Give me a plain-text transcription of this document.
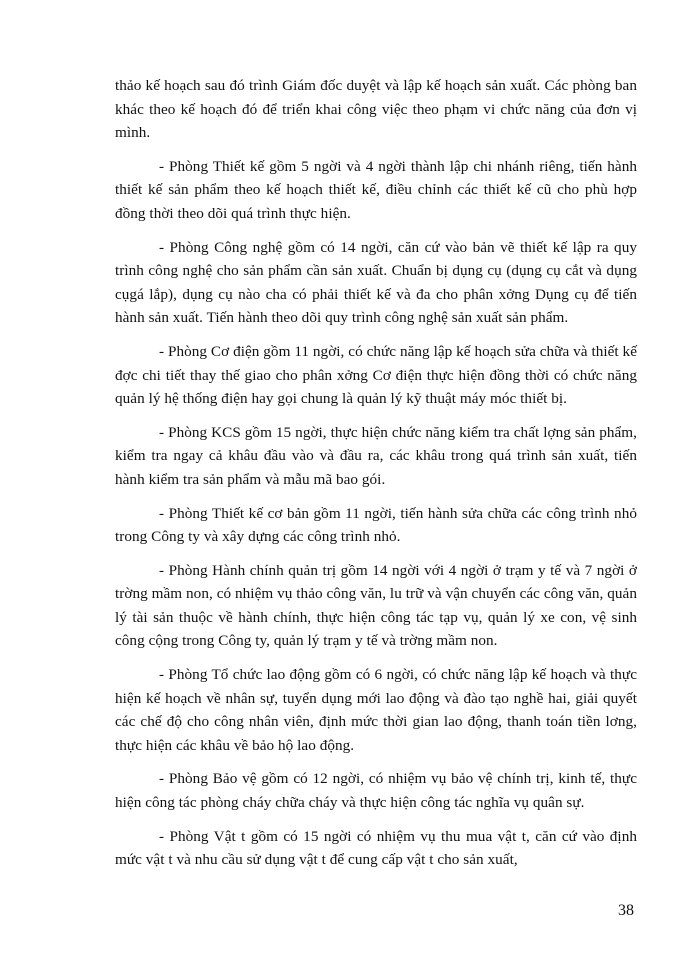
thảo kế hoạch sau đó trình Giám đốc duyệt và lập kế hoạch sản xuất. Các phòng ban khác theo kế hoạch đó để triển khai công việc theo phạm vi chức năng của đơn vị mình.

- Phòng Thiết kế gồm 5 ngời và 4 ngời thành lập chi nhánh riêng, tiến hành thiết kế sản phẩm theo kế hoạch thiết kế, điều chỉnh các thiết kế cũ cho phù hợp đồng thời theo dõi quá trình thực hiện.

- Phòng Công nghệ gồm có 14 ngời, căn cứ vào bản vẽ thiết kế lập ra quy trình công nghệ cho sản phẩm cần sản xuất. Chuẩn bị dụng cụ (dụng cụ cắt và dụng cụgá lắp), dụng cụ nào cha có phải thiết kế và đa cho phân xởng Dụng cụ để tiến hành sản xuất. Tiến hành theo dõi quy trình công nghệ sản xuất sản phẩm.

- Phòng Cơ điện gồm 11 ngời, có chức năng lập kế hoạch sửa chữa và thiết kế đợc chi tiết thay thế giao cho phân xởng Cơ điện thực hiện đồng thời có chức năng quản lý hệ thống điện hay gọi chung là quản lý kỹ thuật máy móc thiết bị.

- Phòng KCS gồm 15 ngời, thực hiện chức năng kiểm tra chất lợng sản phẩm, kiểm tra ngay cả khâu đầu vào và đầu ra, các khâu trong quá trình sản xuất, tiến hành kiểm tra sản phẩm và mẫu mã bao gói.

- Phòng Thiết kế cơ bản gồm 11 ngời, tiến hành sửa chữa các công trình nhỏ trong Công ty và xây dựng các công trình nhỏ.

- Phòng Hành chính quản trị gồm 14 ngời với 4 ngời ở trạm y tế và 7 ngời ở trờng mầm non, có nhiệm vụ thảo công văn, lu trữ và vận chuyển các công văn, quản lý tài sản thuộc về hành chính, thực hiện công tác tạp vụ, quản lý xe con, vệ sinh công cộng trong Công ty, quản lý trạm y tế và trờng mầm non.

- Phòng Tổ chức lao động gồm có 6 ngời, có chức năng lập kế hoạch và thực hiện kế hoạch về nhân sự, tuyển dụng mới lao động và đào tạo nghề hai, giải quyết các chế độ cho công nhân viên, định mức thời gian lao động, thanh toán tiền lơng, thực hiện các khâu về bảo hộ lao động.

- Phòng Bảo vệ gồm có 12 ngời, có nhiệm vụ bảo vệ chính trị, kinh tế, thực hiện công tác phòng cháy chữa cháy và thực hiện công tác nghĩa vụ quân sự.

- Phòng Vật t gồm có 15 ngời có nhiệm vụ thu mua vật t, căn cứ vào định mức vật t và nhu cầu sử dụng vật t để cung cấp vật t cho sản xuất,

38
